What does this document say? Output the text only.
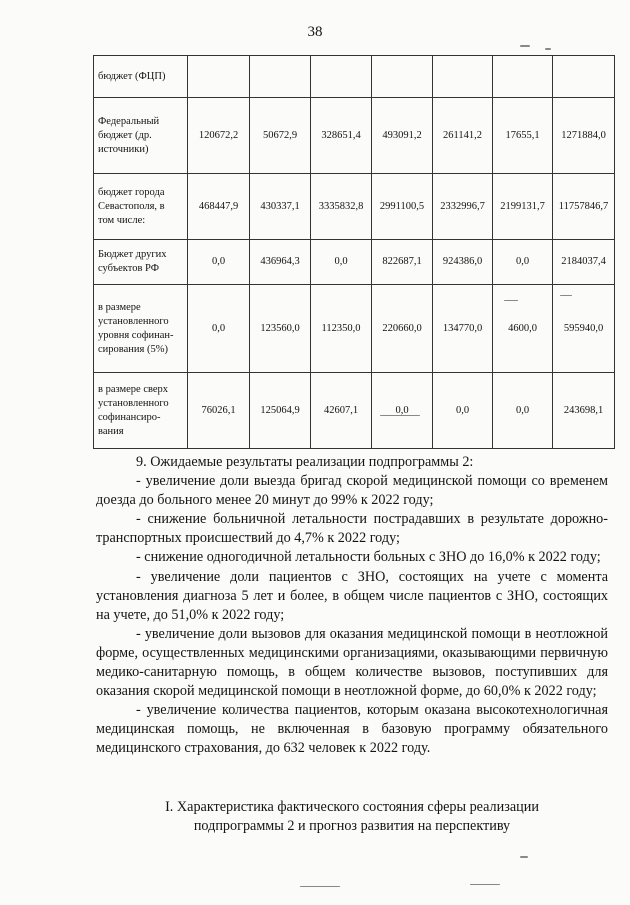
38
бюджет (ФЦП)							
Федеральный бюджет (др. источники)	120672,2	50672,9	328651,4	493091,2	261141,2	17655,1	1271884,0
бюджет города Севастополя, в том числе:	468447,9	430337,1	3335832,8	2991100,5	2332996,7	2199131,7	11757846,7
Бюджет других субъектов РФ	0,0	436964,3	0,0	822687,1	924386,0	0,0	2184037,4
в размере установленного уровня софинан-сирования (5%)	0,0	123560,0	112350,0	220660,0	134770,0	4600,0	595940,0
в размере сверх установленного софинансиро-вания	76026,1	125064,9	42607,1	0,0	0,0	0,0	243698,1

9. Ожидаемые результаты реализации подпрограммы 2:

- увеличение доли выезда бригад скорой медицинской помощи со временем доезда до больного менее 20 минут до 99% к 2022 году;

- снижение больничной летальности пострадавших в результате дорожно-транспортных происшествий до 4,7% к 2022 году;

- снижение одногодичной летальности больных с ЗНО до 16,0% к 2022 году;

- увеличение доли пациентов с ЗНО, состоящих на учете с момента установления диагноза 5 лет и более, в общем числе пациентов с ЗНО, состоящих на учете, до 51,0% к 2022 году;

- увеличение доли вызовов для оказания медицинской помощи в неотложной форме, осуществленных медицинскими организациями, оказывающими первичную медико-санитарную помощь, в общем количестве вызовов, поступивших для оказания скорой медицинской помощи в неотложной форме, до 60,0% к 2022 году;

- увеличение количества пациентов, которым оказана высокотехнологичная медицинская помощь, не включенная в базовую программу обязательного медицинского страхования, до 632 человек к 2022 году.

I. Характеристика фактического состояния сферы реализации
подпрограммы 2 и прогноз развития на перспективу
